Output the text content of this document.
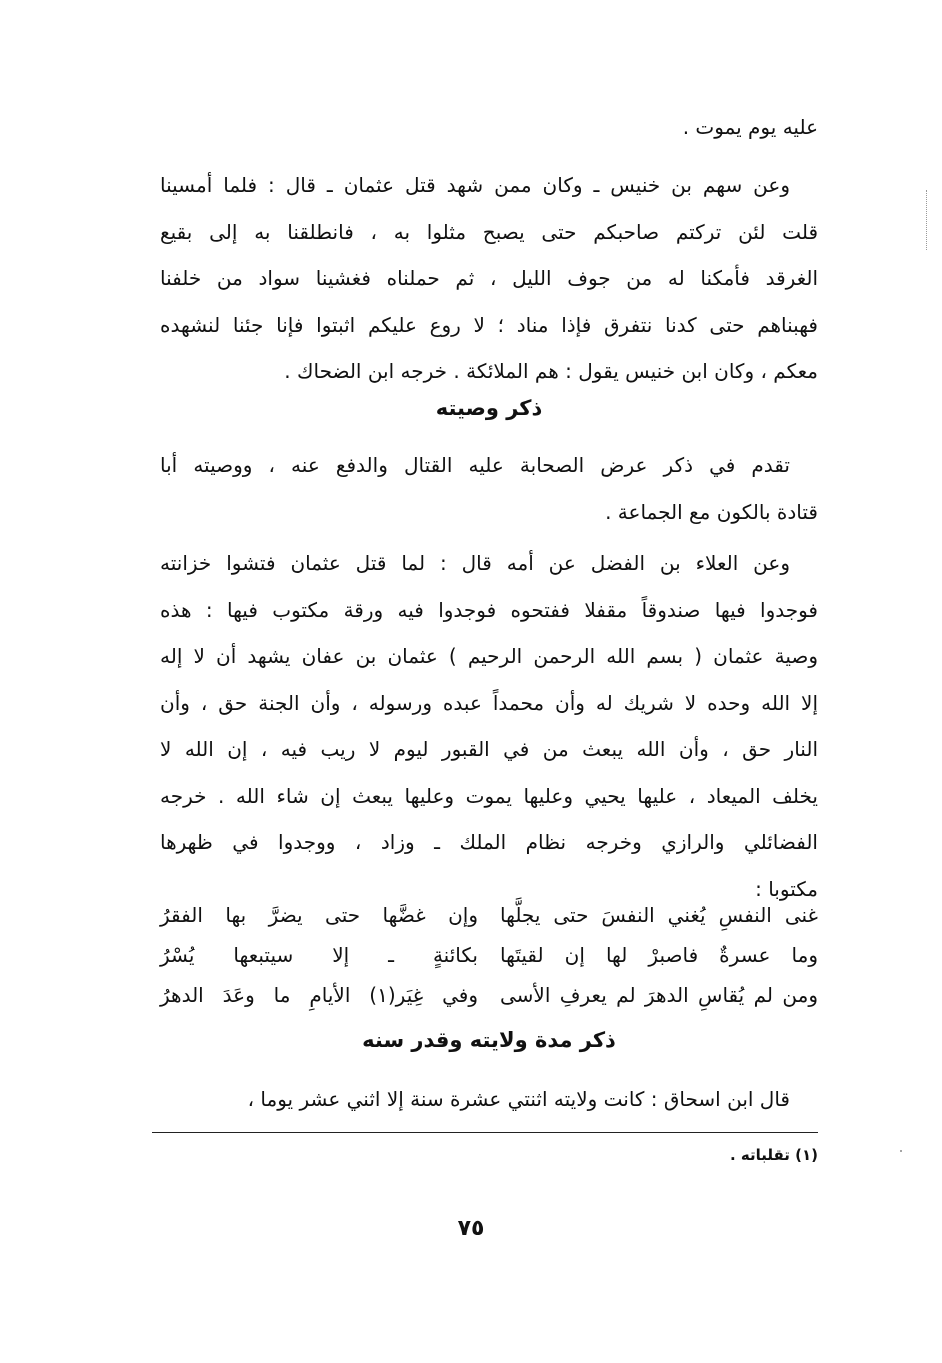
عليه يوم يموت .
وعن سهم بن خنيس ـ وكان ممن شهد قتل عثمان ـ قال : فلما أمسينا
قلت لئن تركتم صاحبكم حتى يصبح مثلوا به ، فانطلقنا به إلى بقيع
الغرقد فأمكنا له من جوف الليل ، ثم حملناه فغشينا سواد من خلفنا
فهبناهم حتى كدنا نتفرق فإذا مناد ؛ لا روع عليكم اثبتوا فإنا جئنا لنشهده
معكم ، وكان ابن خنيس يقول : هم الملائكة . خرجه ابن الضحاك .
ذكر وصيته
تقدم في ذكر عرض الصحابة عليه القتال والدفع عنه ، ووصيته أبا
قتادة بالكون مع الجماعة .
وعن العلاء بن الفضل عن أمه قال : لما قتل عثمان فتشوا خزانته
فوجدوا فيها صندوقاً مقفلا ففتحوه فوجدوا فيه ورقة مكتوب فيها : هذه
وصية عثمان ( بسم الله الرحمن الرحيم ) عثمان بن عفان يشهد أن لا إله
إلا الله وحده لا شريك له وأن محمداً عبده ورسوله ، وأن الجنة حق ، وأن
النار حق ، وأن الله يبعث من في القبور ليوم لا ريب فيه ، إن الله لا
يخلف الميعاد ، عليها يحيي وعليها يموت وعليها يبعث إن شاء الله . خرجه
الفضائلي والرازي وخرجه نظام الملك ـ وزاد ، ووجدوا في ظهرها
مكتوبا :
غنى النفسِ يُغني النفسَ حتى يجلَّها
وإن غضَّها حتى يضرَّ بها الفقرُ
وما عسرةٌ فاصبرْ لها إن لقيتَها
بكائنةٍ ـ إلا سيتبعها يُسْرُ
ومن لم يُقاسِ الدهرَ لم يعرفِ الأسى
وفي غِيَر(١) الأيامِ ما وعَدَ الدهرُ
ذكر مدة ولايته وقدر سنه
قال ابن اسحاق : كانت ولايته اثنتي عشرة سنة إلا اثني عشر يوما ،
(١) تقلباته .
٧٥
